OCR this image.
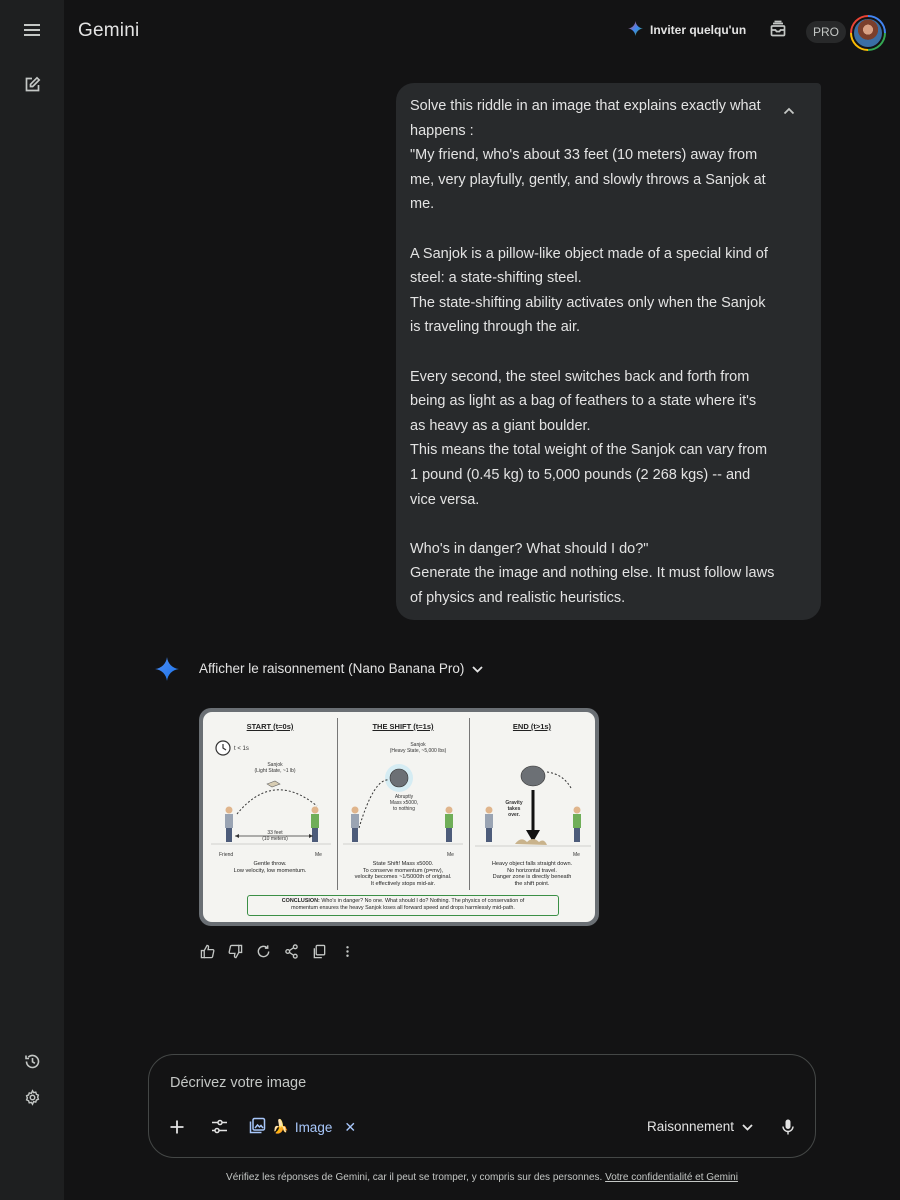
Gemini	Inviter quelqu'un	PRO
Solve this riddle in an image that explains exactly what
happens :
"My friend, who's about 33 feet (10 meters) away from
me, very playfully, gently, and slowly throws a Sanjok at
me.
A Sanjok is a pillow-like object made of a special kind of
steel: a state-shifting steel.
The state-shifting ability activates only when the Sanjok
is traveling through the air.
Every second, the steel switches back and forth from
being as light as a bag of feathers to a state where it's
as heavy as a giant boulder.
This means the total weight of the Sanjok can vary from
1 pound (0.45 kg) to 5,000 pounds (2 268 kgs) -- and
vice versa.
Who's in danger? What should I do?"
Generate the image and nothing else. It must follow laws
of physics and realistic heuristics.
Afficher le raisonnement (Nano Banana Pro)
START (t=0s)
t < 1s
Sanjok
(Light State, ~1 lb)
33 feet
(10 meters)
Friend	Me
Gentle throw.
Low velocity, low momentum.
THE SHIFT (t=1s)
Sanjok
(Heavy State, ~5,000 lbs)
Abruptly
Mass x5000,
to nothing
Me
State Shift! Mass x5000.
To conserve momentum (p=mv),
velocity becomes ~1/5000th of original.
It effectively stops mid-air.
END (t>1s)
Gravity
takes
over.
Me
Heavy object falls straight down.
No horizontal travel.
Danger zone is directly beneath
the shift point.
CONCLUSION: Who's in danger? No one. What should I do? Nothing. The physics of conservation of
momentum ensures the heavy Sanjok loses all forward speed and drops harmlessly mid-path.
Décrivez votre image
🍌 Image ✕	Raisonnement
Vérifiez les réponses de Gemini, car il peut se tromper, y compris sur des personnes. Votre confidentialité et Gemini
